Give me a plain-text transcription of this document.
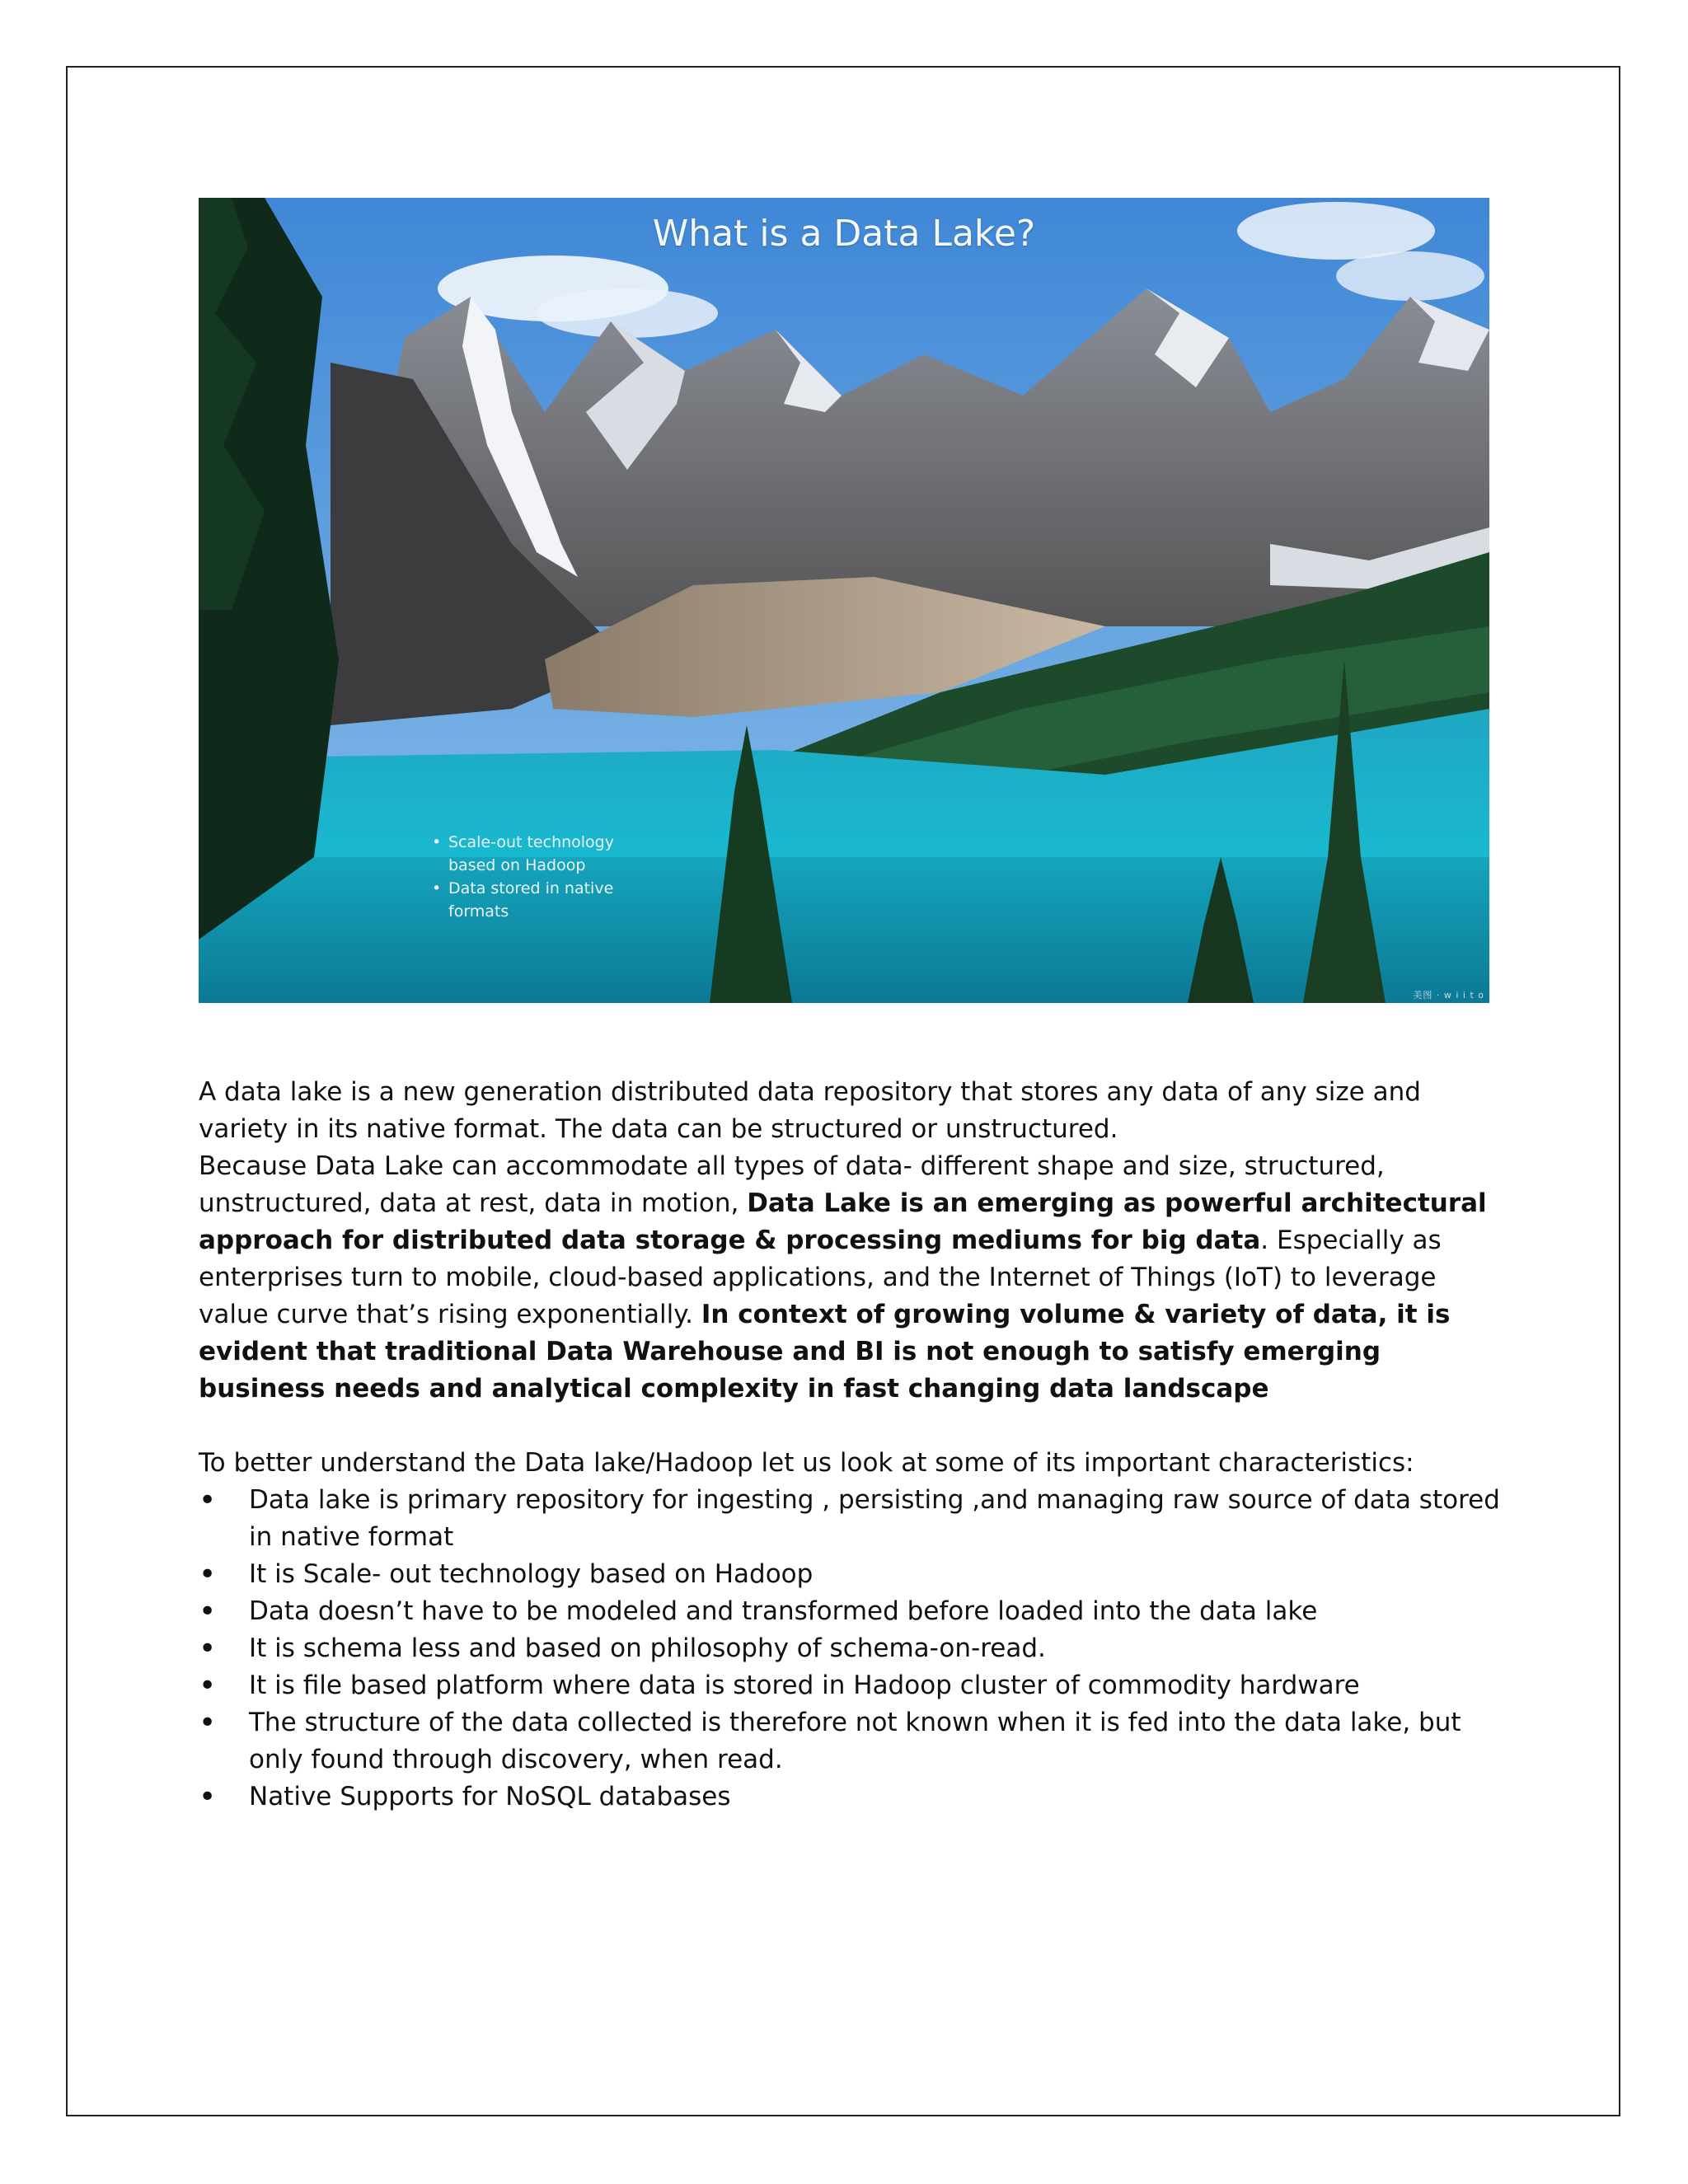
What is a Data Lake?
• Scale-out technology based on Hadoop
• Data stored in native formats
美图 · w i i t o

A data lake is a new generation distributed data repository that stores any data of any size and variety in its native format. The data can be structured or unstructured.

Because Data Lake can accommodate all types of data- different shape and size, structured, unstructured, data at rest, data in motion, Data Lake is an emerging as powerful architectural approach for distributed data storage & processing mediums for big data. Especially as enterprises turn to mobile, cloud-based applications, and the Internet of Things (IoT) to leverage value curve that’s rising exponentially. In context of growing volume & variety of data, it is evident that traditional Data Warehouse and BI is not enough to satisfy emerging business needs and analytical complexity in fast changing data landscape

To better understand the Data lake/Hadoop let us look at some of its important characteristics:

• Data lake is primary repository for ingesting , persisting ,and managing raw source of data stored in native format
• It is Scale- out technology based on Hadoop
• Data doesn’t have to be modeled and transformed before loaded into the data lake
• It is schema less and based on philosophy of schema-on-read.
• It is file based platform where data is stored in Hadoop cluster of commodity hardware
• The structure of the data collected is therefore not known when it is fed into the data lake, but only found through discovery, when read.
• Native Supports for NoSQL databases
